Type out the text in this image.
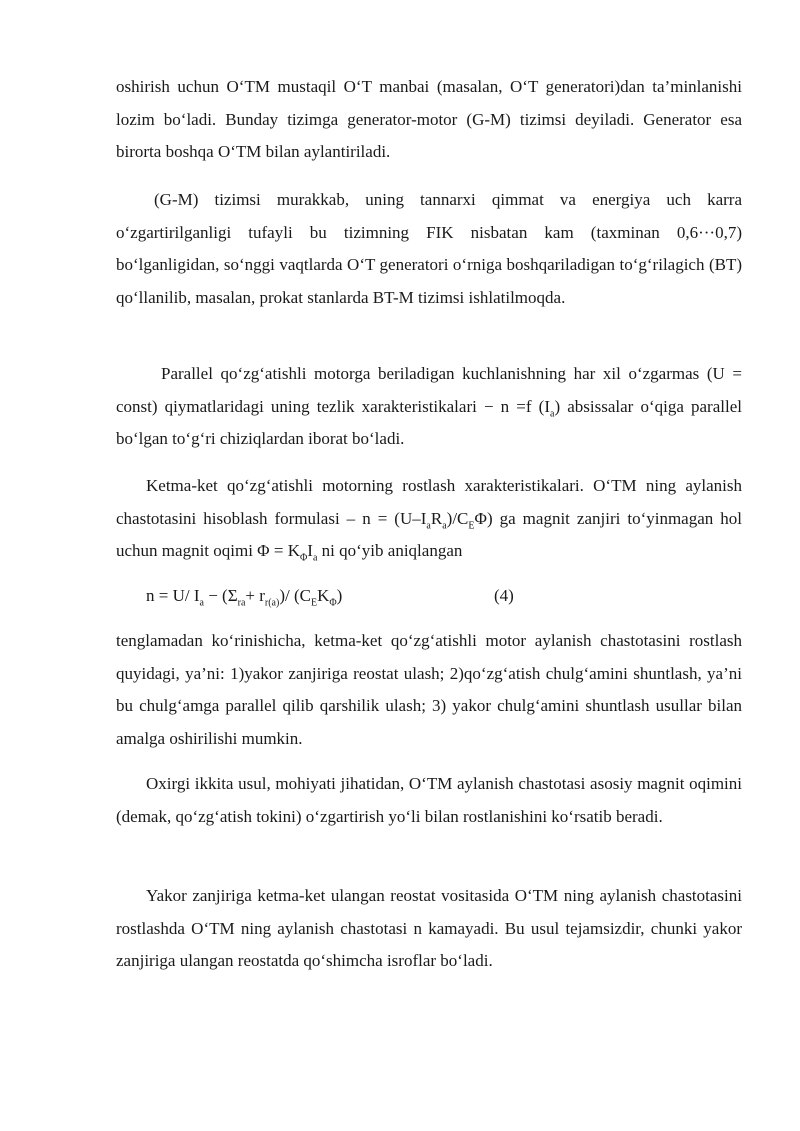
oshirish uchun O‘TM mustaqil O‘T manbai (masalan, O‘T generatori)dan ta’minlanishi lozim bo‘ladi. Bunday tizimga generator-motor (G-M) tizimsi deyiladi. Generator esa birorta boshqa O‘TM bilan aylantiriladi.

(G-M) tizimsi murakkab, uning tannarxi qimmat va energiya uch karra o‘zgartirilganligi tufayli bu tizimning FIK nisbatan kam (taxminan 0,6···0,7) bo‘lganligidan, so‘nggi vaqtlarda O‘T generatori o‘rniga boshqariladigan to‘g‘rilagich (BT) qo‘llanilib, masalan, prokat stanlarda BT-M tizimsi ishlatilmoqda.

Parallel qo‘zg‘atishli motorga beriladigan kuchlanishning har xil o‘zgarmas (U = const) qiymatlaridagi uning tezlik xarakteristikalari − n =f $(I_a)$ absissalar o‘qiga parallel bo‘lgan to‘g‘ri chiziqlardan iborat bo‘ladi.

Ketma-ket qo‘zg‘atishli motorning rostlash xarakteristikalari. O‘TM ning aylanish chastotasini hisoblash formulasi – $n = (U-I_aR_a)/C_E\Phi$) ga magnit zanjiri to‘yinmagan hol uchun magnit oqimi $\Phi = K_\Phi I_a$ ni qo‘yib aniqlangan

n = U/ $I_a - (\Sigma_{ra}+ r_{r(a)})/$ $(C_EK_\Phi)$	(4)

tenglamadan ko‘rinishicha, ketma-ket qo‘zg‘atishli motor aylanish chastotasini rostlash quyidagi, ya’ni: 1)yakor zanjiriga reostat ulash; 2)qo‘zg‘atish chulg‘amini shuntlash, ya’ni bu chulg‘amga parallel qilib qarshilik ulash; 3) yakor chulg‘amini shuntlash usullar bilan amalga oshirilishi mumkin.

Oxirgi ikkita usul, mohiyati jihatidan, O‘TM aylanish chastotasi asosiy magnit oqimini (demak, qo‘zg‘atish tokini) o‘zgartirish yo‘li bilan rostlanishini ko‘rsatib beradi.

Yakor zanjiriga ketma-ket ulangan reostat vositasida O‘TM ning aylanish chastotasini rostlashda O‘TM ning aylanish chastotasi n kamayadi. Bu usul tejamsizdir, chunki yakor zanjiriga ulangan reostatda qo‘shimcha isroflar bo‘ladi.
